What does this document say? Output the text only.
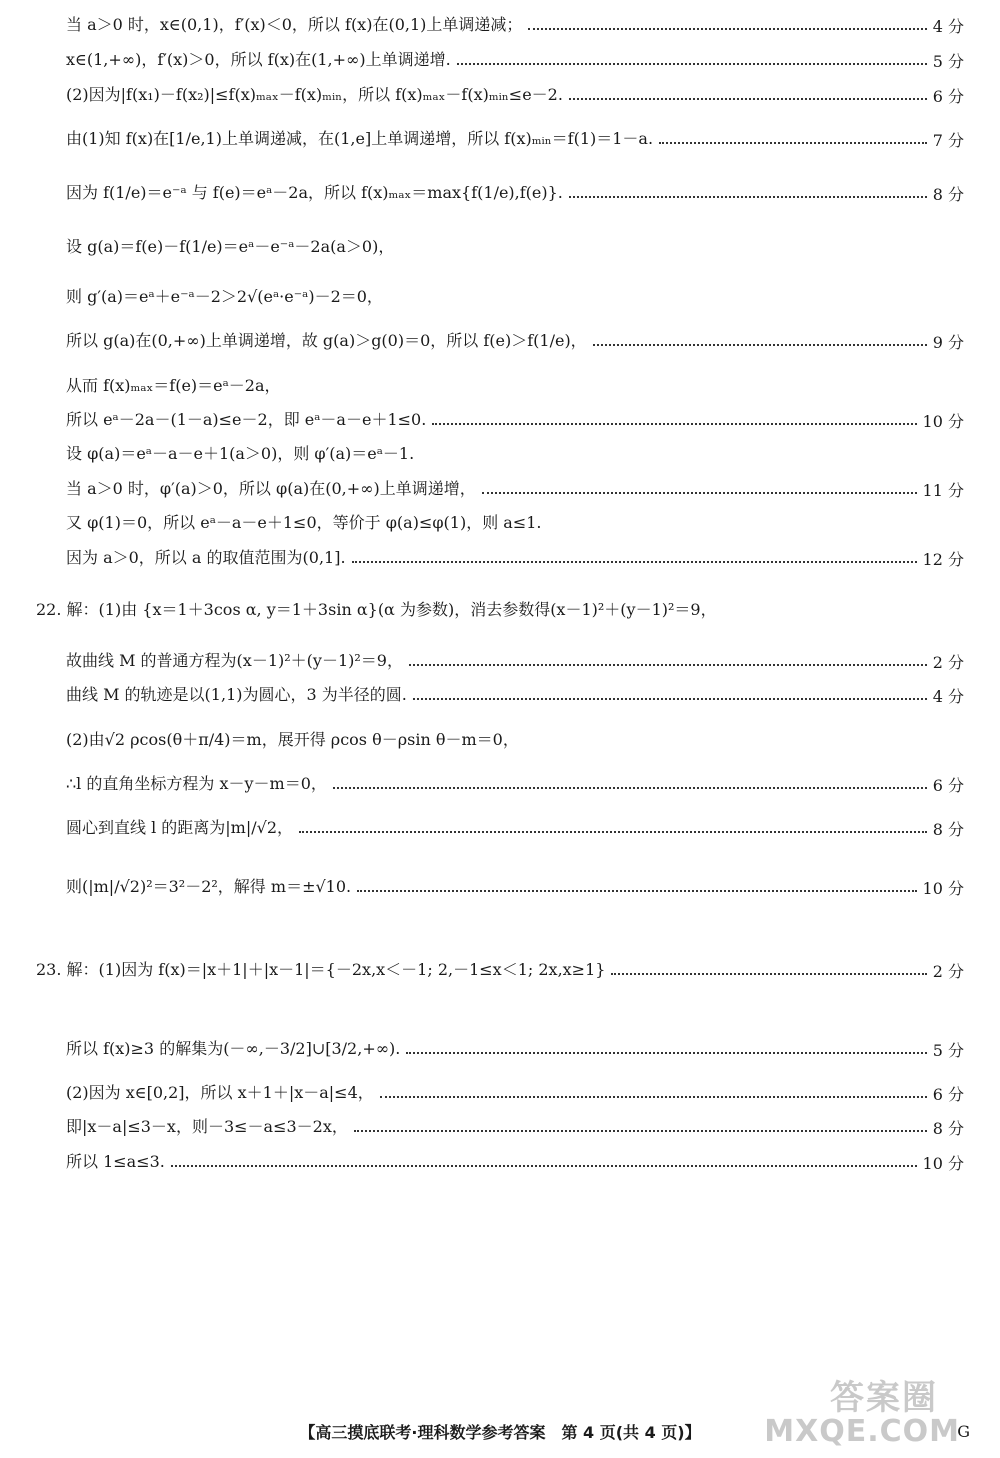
当 a＞0 时，x∈(0,1)，f′(x)＜0，所以 f(x)在(0,1)上单调递减；	4 分
x∈(1,+∞)，f′(x)＞0，所以 f(x)在(1,+∞)上单调递增.	5 分
(2)因为|f(x₁)－f(x₂)|≤f(x)ₘₐₓ－f(x)ₘᵢₙ，所以 f(x)ₘₐₓ－f(x)ₘᵢₙ≤e－2.	6 分
由(1)知 f(x)在[1/e,1)上单调递减，在(1,e]上单调递增，所以 f(x)ₘᵢₙ＝f(1)＝1－a.	7 分
因为 f(1/e)＝e⁻ᵃ 与 f(e)＝eᵃ－2a，所以 f(x)ₘₐₓ＝max{f(1/e),f(e)}.	8 分
设 g(a)＝f(e)－f(1/e)＝eᵃ－e⁻ᵃ－2a(a＞0)，
则 g′(a)＝eᵃ＋e⁻ᵃ－2＞2√(eᵃ·e⁻ᵃ)－2＝0，
所以 g(a)在(0,+∞)上单调递增，故 g(a)＞g(0)＝0，所以 f(e)＞f(1/e)，	9 分
从而 f(x)ₘₐₓ＝f(e)＝eᵃ－2a，
所以 eᵃ－2a－(1－a)≤e－2，即 eᵃ－a－e＋1≤0.	10 分
设 φ(a)＝eᵃ－a－e＋1(a＞0)，则 φ′(a)＝eᵃ－1.
当 a＞0 时，φ′(a)＞0，所以 φ(a)在(0,+∞)上单调递增，	11 分
又 φ(1)＝0，所以 eᵃ－a－e＋1≤0，等价于 φ(a)≤φ(1)，则 a≤1.
因为 a＞0，所以 a 的取值范围为(0,1].	12 分
22. 解：(1)由 {x＝1＋3cos α, y＝1＋3sin α}(α 为参数)，消去参数得(x－1)²＋(y－1)²＝9，
故曲线 M 的普通方程为(x－1)²＋(y－1)²＝9，	2 分
曲线 M 的轨迹是以(1,1)为圆心，3 为半径的圆.	4 分
(2)由√2 ρcos(θ＋π/4)＝m，展开得 ρcos θ－ρsin θ－m＝0，
∴l 的直角坐标方程为 x－y－m＝0，	6 分
圆心到直线 l 的距离为|m|/√2，	8 分
则(|m|/√2)²＝3²－2²，解得 m＝±√10.	10 分
23. 解：(1)因为 f(x)＝|x＋1|＋|x－1|＝{－2x,x＜－1; 2,－1≤x＜1; 2x,x≥1}	2 分
所以 f(x)≥3 的解集为(－∞,－3/2]∪[3/2,+∞).	5 分
(2)因为 x∈[0,2]，所以 x＋1＋|x－a|≤4，	6 分
即|x－a|≤3－x，则－3≤－a≤3－2x，	8 分
所以 1≤a≤3.	10 分
【高三摸底联考·理科数学参考答案　第 4 页(共 4 页)】	G
答案圈
MXQE.COM
